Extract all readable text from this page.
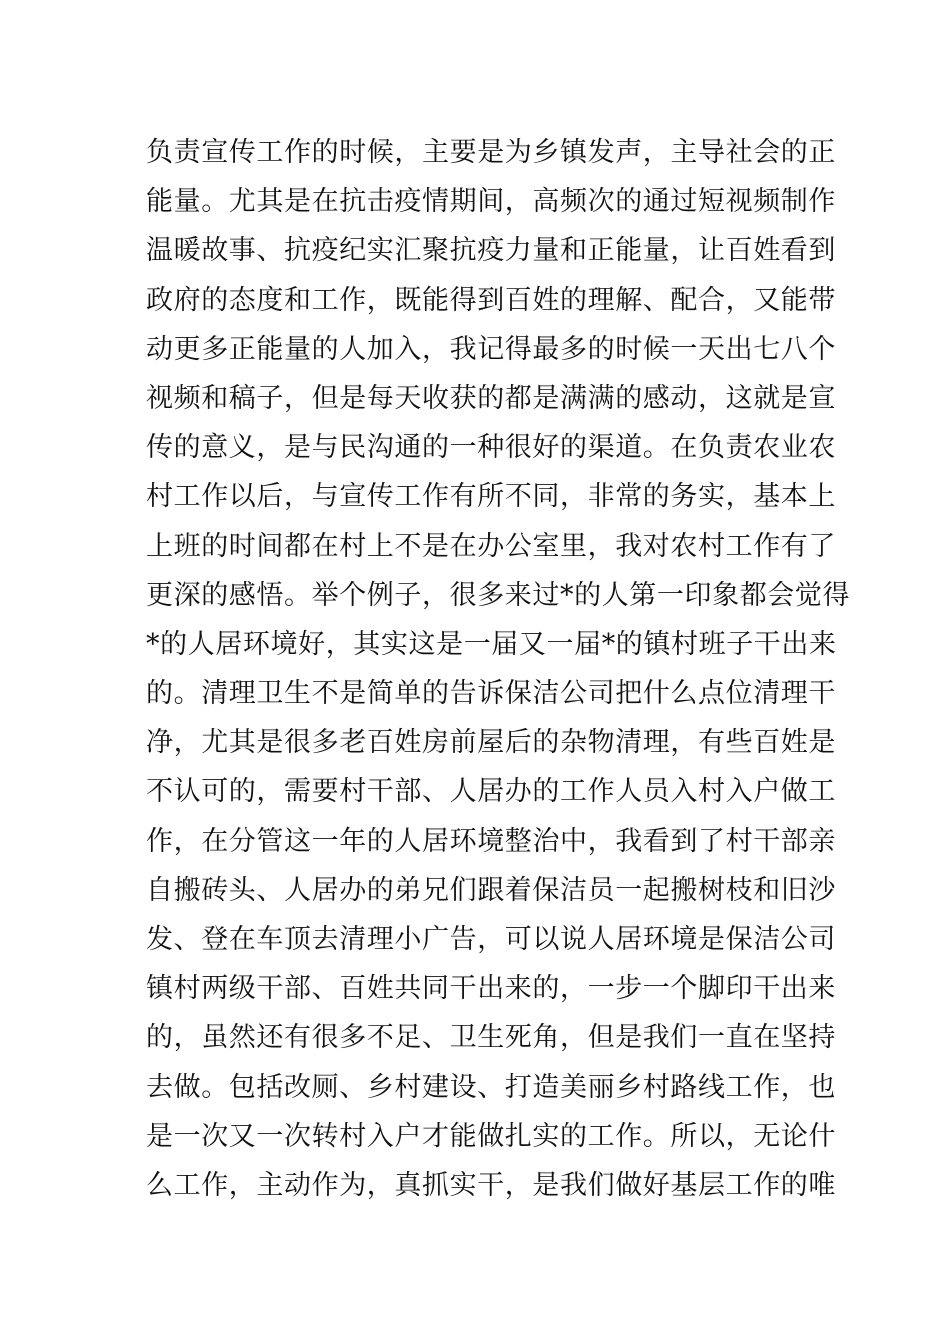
负责宣传工作的时候，主要是为乡镇发声，主导社会的正
能量。尤其是在抗击疫情期间，高频次的通过短视频制作
温暖故事、抗疫纪实汇聚抗疫力量和正能量，让百姓看到
政府的态度和工作，既能得到百姓的理解、配合，又能带
动更多正能量的人加入，我记得最多的时候一天出七八个
视频和稿子，但是每天收获的都是满满的感动，这就是宣
传的意义，是与民沟通的一种很好的渠道。在负责农业农
村工作以后，与宣传工作有所不同，非常的务实，基本上
上班的时间都在村上不是在办公室里，我对农村工作有了
更深的感悟。举个例子，很多来过*的人第一印象都会觉得
*的人居环境好，其实这是一届又一届*的镇村班子干出来
的。清理卫生不是简单的告诉保洁公司把什么点位清理干
净，尤其是很多老百姓房前屋后的杂物清理，有些百姓是
不认可的，需要村干部、人居办的工作人员入村入户做工
作，在分管这一年的人居环境整治中，我看到了村干部亲
自搬砖头、人居办的弟兄们跟着保洁员一起搬树枝和旧沙
发、登在车顶去清理小广告，可以说人居环境是保洁公司
镇村两级干部、百姓共同干出来的，一步一个脚印干出来
的，虽然还有很多不足、卫生死角，但是我们一直在坚持
去做。包括改厕、乡村建设、打造美丽乡村路线工作，也
是一次又一次转村入户才能做扎实的工作。所以，无论什
么工作，主动作为，真抓实干，是我们做好基层工作的唯
